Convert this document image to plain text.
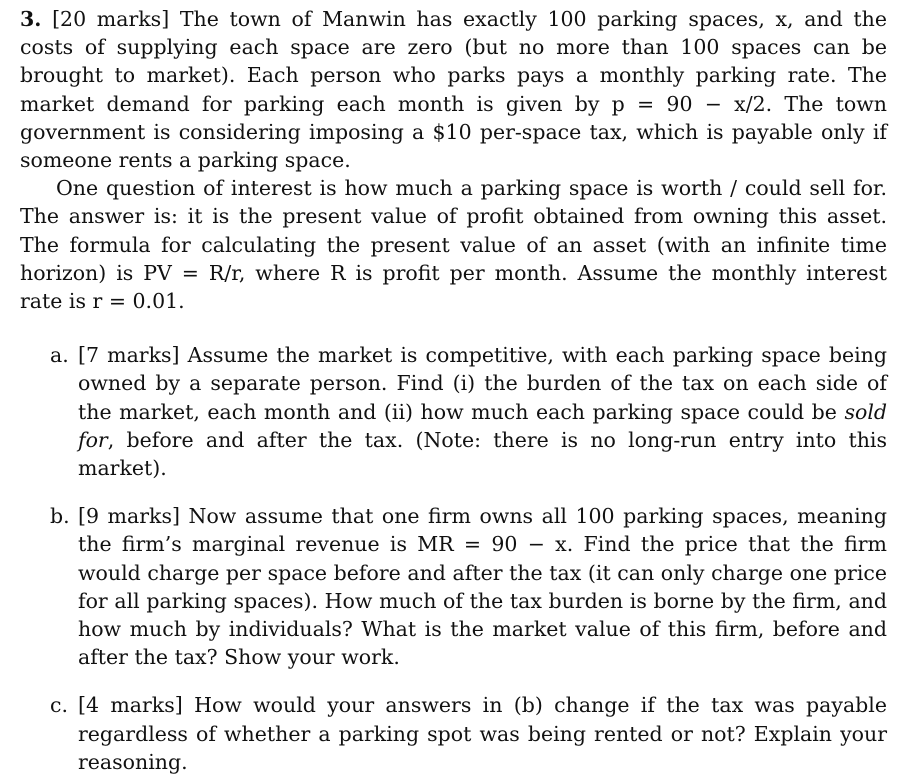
3. [20 marks] The town of Manwin has exactly 100 parking spaces, x, and the costs of supplying each space are zero (but no more than 100 spaces can be brought to market). Each person who parks pays a monthly parking rate. The market demand for parking each month is given by p = 90 − x/2. The town government is considering imposing a $10 per-space tax, which is payable only if someone rents a parking space.

One question of interest is how much a parking space is worth / could sell for. The answer is: it is the present value of profit obtained from owning this asset. The formula for calculating the present value of an asset (with an infinite time horizon) is PV = R/r, where R is profit per month. Assume the monthly interest rate is r = 0.01.

a. [7 marks] Assume the market is competitive, with each parking space being owned by a separate person. Find (i) the burden of the tax on each side of the market, each month and (ii) how much each parking space could be sold for, before and after the tax. (Note: there is no long-run entry into this market).
b. [9 marks] Now assume that one firm owns all 100 parking spaces, meaning the firm’s marginal revenue is MR = 90 − x. Find the price that the firm would charge per space before and after the tax (it can only charge one price for all parking spaces). How much of the tax burden is borne by the firm, and how much by individuals? What is the market value of this firm, before and after the tax? Show your work.
c. [4 marks] How would your answers in (b) change if the tax was payable regardless of whether a parking spot was being rented or not? Explain your reasoning.
